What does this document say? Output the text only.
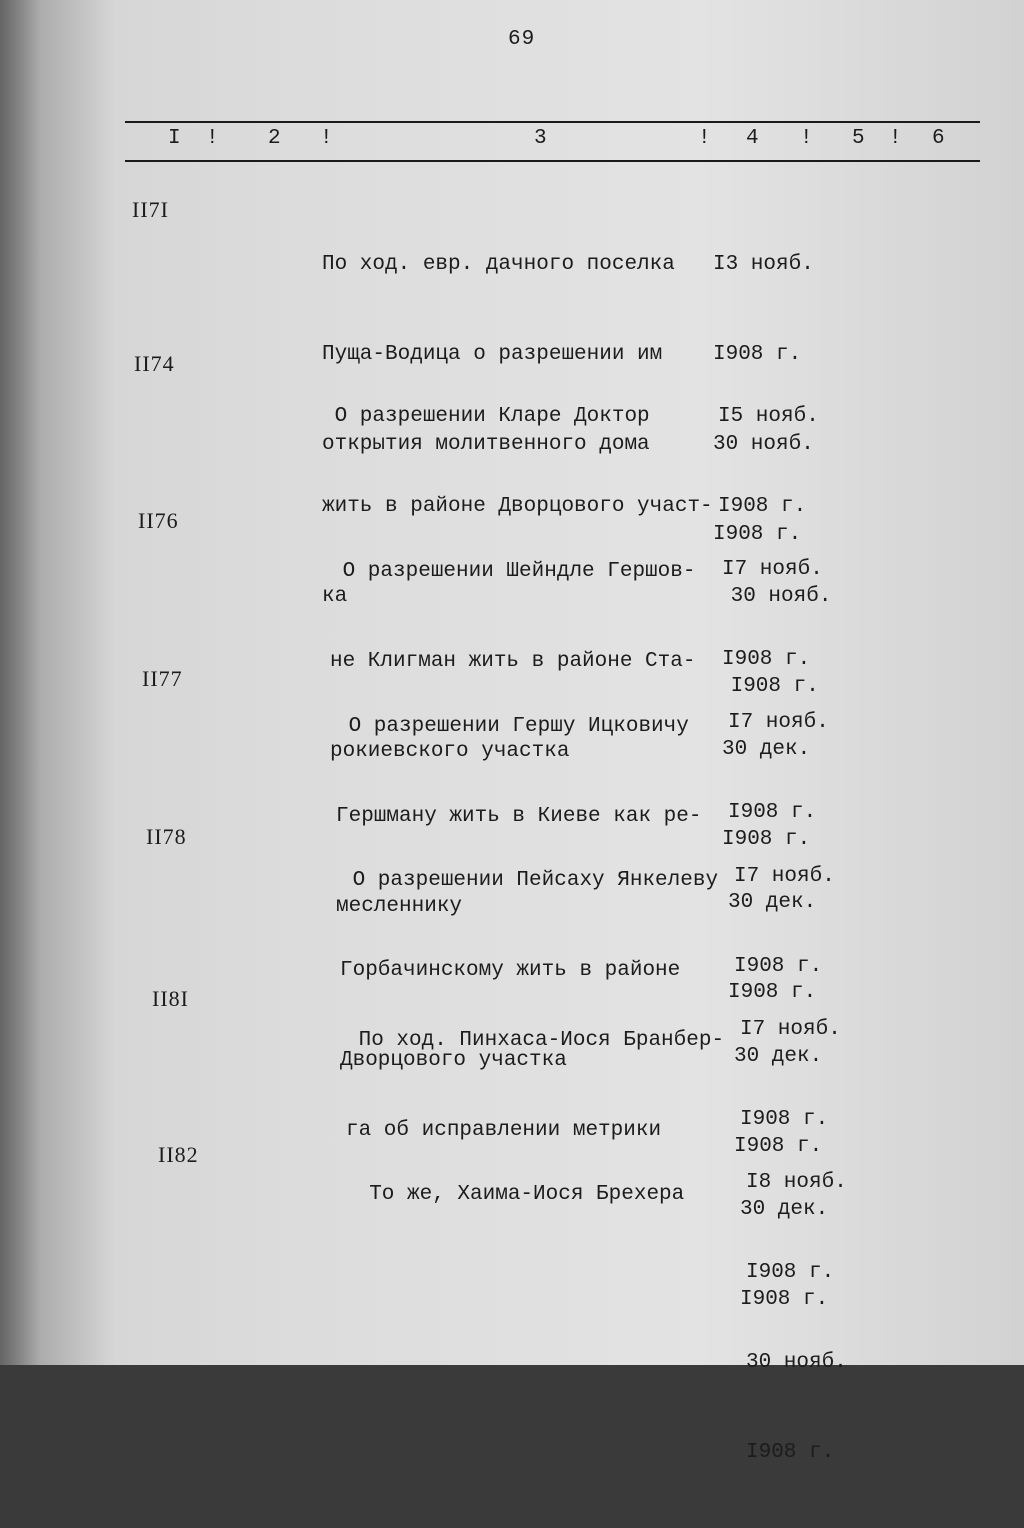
69
I ! 2 !	3	! 4 ! 5 ! 6
II7I

По ход. евр. дачного поселка

Пуща-Водица о разрешении им

открытия молитвенного дома

I3 нояб.

I908 г.

30 нояб.

I908 г.

II74

О разрешении Кларе Доктор

жить в районе Дворцового участ-

ка

I5 нояб.

I908 г.

30 нояб.

I908 г.

II76

О разрешении Шейндле Гершов-

не Клигман жить в районе Ста-

рокиевского участка

I7 нояб.

I908 г.

30 дек.

I908 г.

II77

О разрешении Гершу Ицковичу

Гершману жить в Киеве как ре-

месленнику

I7 нояб.

I908 г.

30 дек.

I908 г.

II78

О разрешении Пейсаху Янкелеву

Горбачинскому жить в районе

Дворцового участка

I7 нояб.

I908 г.

30 дек.

I908 г.

II8I

По ход. Пинхаса-Иося Бранбер-

га об исправлении метрики

I7 нояб.

I908 г.

30 дек.

I908 г.

II82

То же, Хаима-Иося Брехера

I8 нояб.

I908 г.

30 нояб.

I908 г.
